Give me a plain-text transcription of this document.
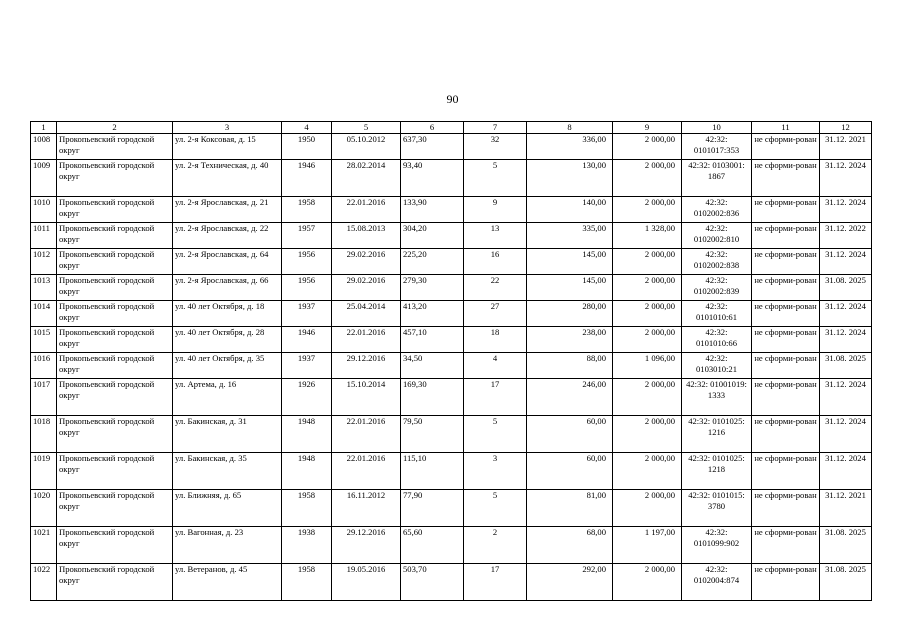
90
1	2	3	4	5	6	7	8	9	10	11	12
1008	Прокопьевский городской округ	ул. 2-я Коксовая, д. 15	1950	05.10.2012	637,30	32	336,00	2 000,00	42:32: 0101017:353	не сформи-рован	31.12. 2021
1009	Прокопьевский городской округ	ул. 2-я Техническая, д. 40	1946	28.02.2014	93,40	5	130,00	2 000,00	42:32: 0103001: 1867	не сформи-рован	31.12. 2024
1010	Прокопьевский городской округ	ул. 2-я Ярославская, д. 21	1958	22.01.2016	133,90	9	140,00	2 000,00	42:32: 0102002:836	не сформи-рован	31.12. 2024
1011	Прокопьевский городской округ	ул. 2-я Ярославская, д. 22	1957	15.08.2013	304,20	13	335,00	1 328,00	42:32: 0102002:810	не сформи-рован	31.12. 2022
1012	Прокопьевский городской округ	ул. 2-я Ярославская, д. 64	1956	29.02.2016	225,20	16	145,00	2 000,00	42:32: 0102002:838	не сформи-рован	31.12. 2024
1013	Прокопьевский городской округ	ул. 2-я Ярославская, д. 66	1956	29.02.2016	279,30	22	145,00	2 000,00	42:32: 0102002:839	не сформи-рован	31.08. 2025
1014	Прокопьевский городской округ	ул. 40 лет Октября, д. 18	1937	25.04.2014	413,20	27	280,00	2 000,00	42:32: 0101010:61	не сформи-рован	31.12. 2024
1015	Прокопьевский городской округ	ул. 40 лет Октября, д. 28	1946	22.01.2016	457,10	18	238,00	2 000,00	42:32: 0101010:66	не сформи-рован	31.12. 2024
1016	Прокопьевский городской округ	ул. 40 лет Октября, д. 35	1937	29.12.2016	34,50	4	88,00	1 096,00	42:32: 0103010:21	не сформи-рован	31.08. 2025
1017	Прокопьевский городской округ	ул. Артема, д. 16	1926	15.10.2014	169,30	17	246,00	2 000,00	42:32: 01001019: 1333	не сформи-рован	31.12. 2024
1018	Прокопьевский городской округ	ул. Бакинская, д. 31	1948	22.01.2016	79,50	5	60,00	2 000,00	42:32: 0101025: 1216	не сформи-рован	31.12. 2024
1019	Прокопьевский городской округ	ул. Бакинская, д. 35	1948	22.01.2016	115,10	3	60,00	2 000,00	42:32: 0101025: 1218	не сформи-рован	31.12. 2024
1020	Прокопьевский городской округ	ул. Ближняя, д. 65	1958	16.11.2012	77,90	5	81,00	2 000,00	42:32: 0101015: 3780	не сформи-рован	31.12. 2021
1021	Прокопьевский городской округ	ул. Вагонная, д. 23	1938	29.12.2016	65,60	2	68,00	1 197,00	42:32: 0101099:902	не сформи-рован	31.08. 2025
1022	Прокопьевский городской округ	ул. Ветеранов, д. 45	1958	19.05.2016	503,70	17	292,00	2 000,00	42:32: 0102004:874	не сформи-рован	31.08. 2025
